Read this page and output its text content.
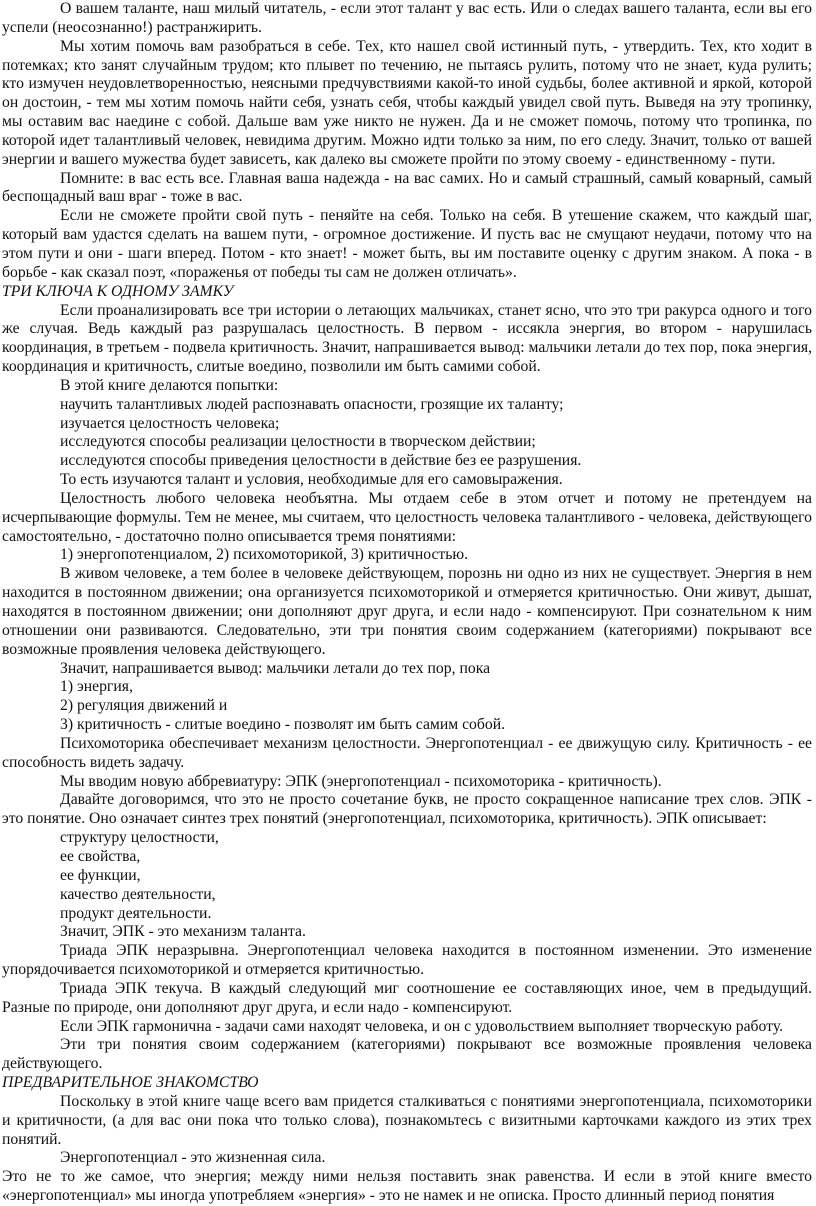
О вашем таланте, наш милый читатель, - если этот талант у вас есть. Или о следах вашего таланта, если вы его успели (неосознанно!) растранжирить.

Мы хотим помочь вам разобраться в себе. Тех, кто нашел свой истинный путь, - утвердить. Тех, кто ходит в потемках; кто занят случайным трудом; кто плывет по течению, не пытаясь рулить, потому что не знает, куда рулить; кто измучен неудовлетворенностью, неясными предчувствиями какой-то иной судьбы, более активной и яркой, которой он достоин, - тем мы хотим помочь найти себя, узнать себя, чтобы каждый увидел свой путь. Выведя на эту тропинку, мы оставим вас наедине с собой. Дальше вам уже никто не нужен. Да и не сможет помочь, потому что тропинка, по которой идет талантливый человек, невидима другим. Можно идти только за ним, по его следу. Значит, только от вашей энергии и вашего мужества будет зависеть, как далеко вы сможете пройти по этому своему - единственному - пути.

Помните: в вас есть все. Главная ваша надежда - на вас самих. Но и самый страшный, самый коварный, самый беспощадный ваш враг - тоже в вас.

Если не сможете пройти свой путь - пеняйте на себя. Только на себя. В утешение скажем, что каждый шаг, который вам удастся сделать на вашем пути, - огромное достижение. И пусть вас не смущают неудачи, потому что на этом пути и они - шаги вперед. Потом - кто знает! - может быть, вы им поставите оценку с другим знаком. А пока - в борьбе - как сказал поэт, «пораженья от победы ты сам не должен отличать».

ТРИ КЛЮЧА К ОДНОМУ ЗАМКУ

Если проанализировать все три истории о летающих мальчиках, станет ясно, что это три ракурса одного и того же случая. Ведь каждый раз разрушалась целостность. В первом - иссякла энергия, во втором - нарушилась координация, в третьем - подвела критичность. Значит, напрашивается вывод: мальчики летали до тех пор, пока энергия, координация и критичность, слитые воедино, позволили им быть самими собой.

В этой книге делаются попытки:

научить талантливых людей распознавать опасности, грозящие их таланту;

изучается целостность человека;

исследуются способы реализации целостности в творческом действии;

исследуются способы приведения целостности в действие без ее разрушения.

То есть изучаются талант и условия, необходимые для его самовыражения.

Целостность любого человека необъятна. Мы отдаем себе в этом отчет и потому не претендуем на исчерпывающие формулы. Тем не менее, мы считаем, что целостность человека талантливого - человека, действующего самостоятельно, - достаточно полно описывается тремя понятиями:

1) энергопотенциалом, 2) психомоторикой, 3) критичностью.

В живом человеке, а тем более в человеке действующем, порознь ни одно из них не существует. Энергия в нем находится в постоянном движении; она организуется психомоторикой и отмеряется критичностью. Они живут, дышат, находятся в постоянном движении; они дополняют друг друга, и если надо - компенсируют. При сознательном к ним отношении они развиваются. Следовательно, эти три понятия своим содержанием (категориями) покрывают все возможные проявления человека действующего.

Значит, напрашивается вывод: мальчики летали до тех пор, пока

1) энергия,

2) регуляция движений и

3) критичность - слитые воедино - позволят им быть самим собой.

Психомоторика обеспечивает механизм целостности. Энергопотенциал - ее движущую силу. Критичность - ее способность видеть задачу.

Мы вводим новую аббревиатуру: ЭПК (энергопотенциал - психомоторика - критичность).

Давайте договоримся, что это не просто сочетание букв, не просто сокращенное написание трех слов. ЭПК - это понятие. Оно означает синтез трех понятий (энергопотенциал, психомоторика, критичность). ЭПК описывает:

структуру целостности,

ее свойства,

ее функции,

качество деятельности,

продукт деятельности.

Значит, ЭПК - это механизм таланта.

Триада ЭПК неразрывна. Энергопотенциал человека находится в постоянном изменении. Это изменение упорядочивается психомоторикой и отмеряется критичностью.

Триада ЭПК текуча. В каждый следующий миг соотношение ее составляющих иное, чем в предыдущий. Разные по природе, они дополняют друг друга, и если надо - компенсируют.

Если ЭПК гармонична - задачи сами находят человека, и он с удовольствием выполняет творческую работу.

Эти три понятия своим содержанием (категориями) покрывают все возможные проявления человека действующего.

ПРЕДВАРИТЕЛЬНОЕ ЗНАКОМСТВО

Поскольку в этой книге чаще всего вам придется сталкиваться с понятиями энергопотенциала, психомоторики и критичности, (а для вас они пока что только слова), познакомьтесь с визитными карточками каждого из этих трех понятий.

Энергопотенциал - это жизненная сила.

Это не то же самое, что энергия; между ними нельзя поставить знак равенства. И если в этой книге вместо «энергопотенциал» мы иногда употребляем «энергия» - это не намек и не описка. Просто длинный период понятия
